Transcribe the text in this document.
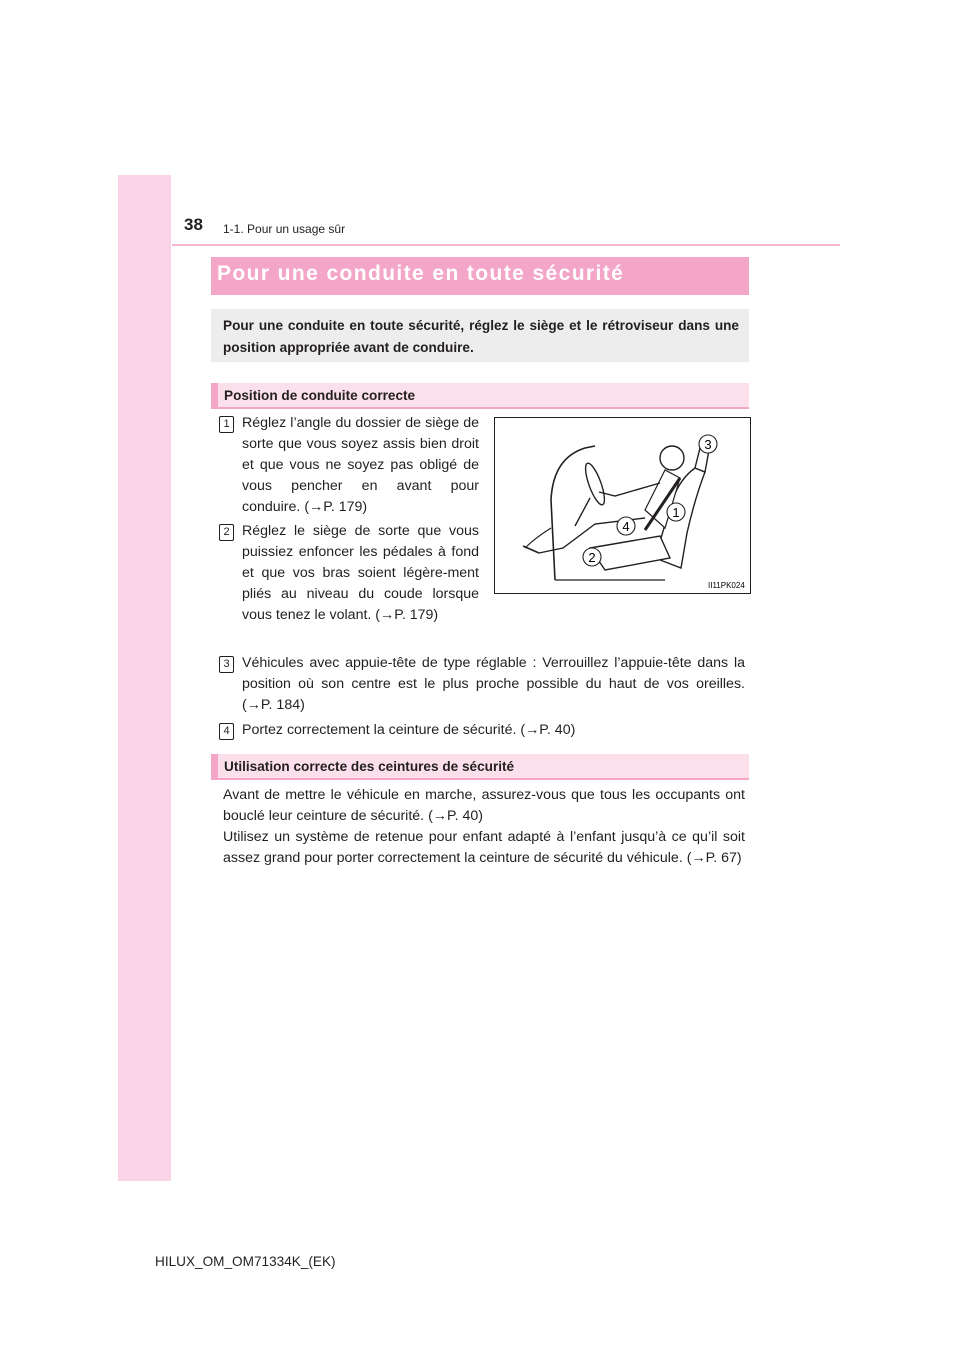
38 1-1. Pour un usage sûr
Pour une conduite en toute sécurité
Pour une conduite en toute sécurité, réglez le siège et le rétroviseur dans une position appropriée avant de conduire.
Position de conduite correcte
1 Réglez l’angle du dossier de siège de sorte que vous soyez assis bien droit et que vous ne soyez pas obligé de vous pencher en avant pour conduire. (→P. 179)
2 Réglez le siège de sorte que vous puissiez enfoncer les pédales à fond et que vos bras soient légère-ment pliés au niveau du coude lorsque vous tenez le volant. (→P. 179)
3
1
4
2
II11PK024
3 Véhicules avec appuie-tête de type réglable : Verrouillez l’appuie-tête dans la position où son centre est le plus proche possible du haut de vos oreilles. (→P. 184)
4 Portez correctement la ceinture de sécurité. (→P. 40)
Utilisation correcte des ceintures de sécurité
Avant de mettre le véhicule en marche, assurez-vous que tous les occupants ont bouclé leur ceinture de sécurité. (→P. 40)
Utilisez un système de retenue pour enfant adapté à l’enfant jusqu’à ce qu’il soit assez grand pour porter correctement la ceinture de sécurité du véhicule. (→P. 67)
HILUX_OM_OM71334K_(EK)
